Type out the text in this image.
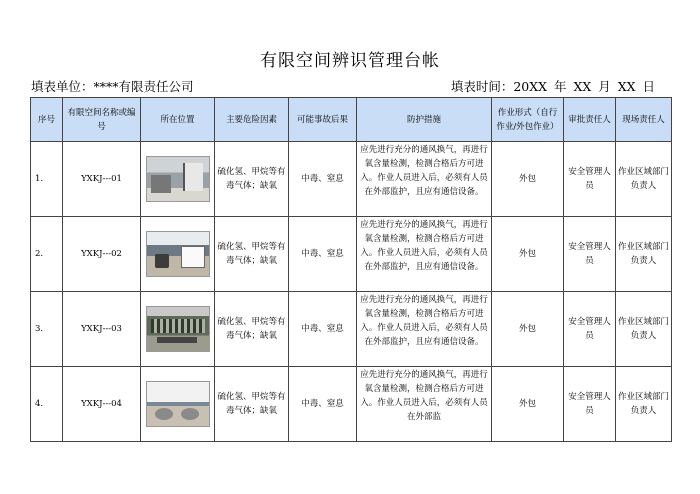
有限空间辨识管理台帐
填表单位：****有限责任公司	填表时间：20XX 年 XX 月 XX 日
序号	有限空间名称或编号	所在位置	主要危险因素	可能事故后果	防护措施	作业形式（自行作业/外包作业）	审批责任人	现场责任人
1.	YXKJ---01		硫化氢、甲烷等有毒气体；缺氧	中毒、窒息	应先进行充分的通风换气，再进行氧含量检测，检测合格后方可进入。作业人员进入后，必须有人员在外部监护，且应有通信设备。	外包	安全管理人员	作业区域部门负责人
2.	YXKJ---02		硫化氢、甲烷等有毒气体；缺氧	中毒、窒息	应先进行充分的通风换气，再进行氧含量检测，检测合格后方可进入。作业人员进入后，必须有人员在外部监护，且应有通信设备。	外包	安全管理人员	作业区域部门负责人
3.	YXKJ---03		硫化氢、甲烷等有毒气体；缺氧	中毒、窒息	应先进行充分的通风换气，再进行氧含量检测，检测合格后方可进入。作业人员进入后，必须有人员在外部监护，且应有通信设备。	外包	安全管理人员	作业区域部门负责人
4.	YXKJ---04		硫化氢、甲烷等有毒气体；缺氧	中毒、窒息	应先进行充分的通风换气，再进行氧含量检测，检测合格后方可进入。作业人员进入后，必须有人员在外部监	外包	安全管理人员	作业区域部门负责人
